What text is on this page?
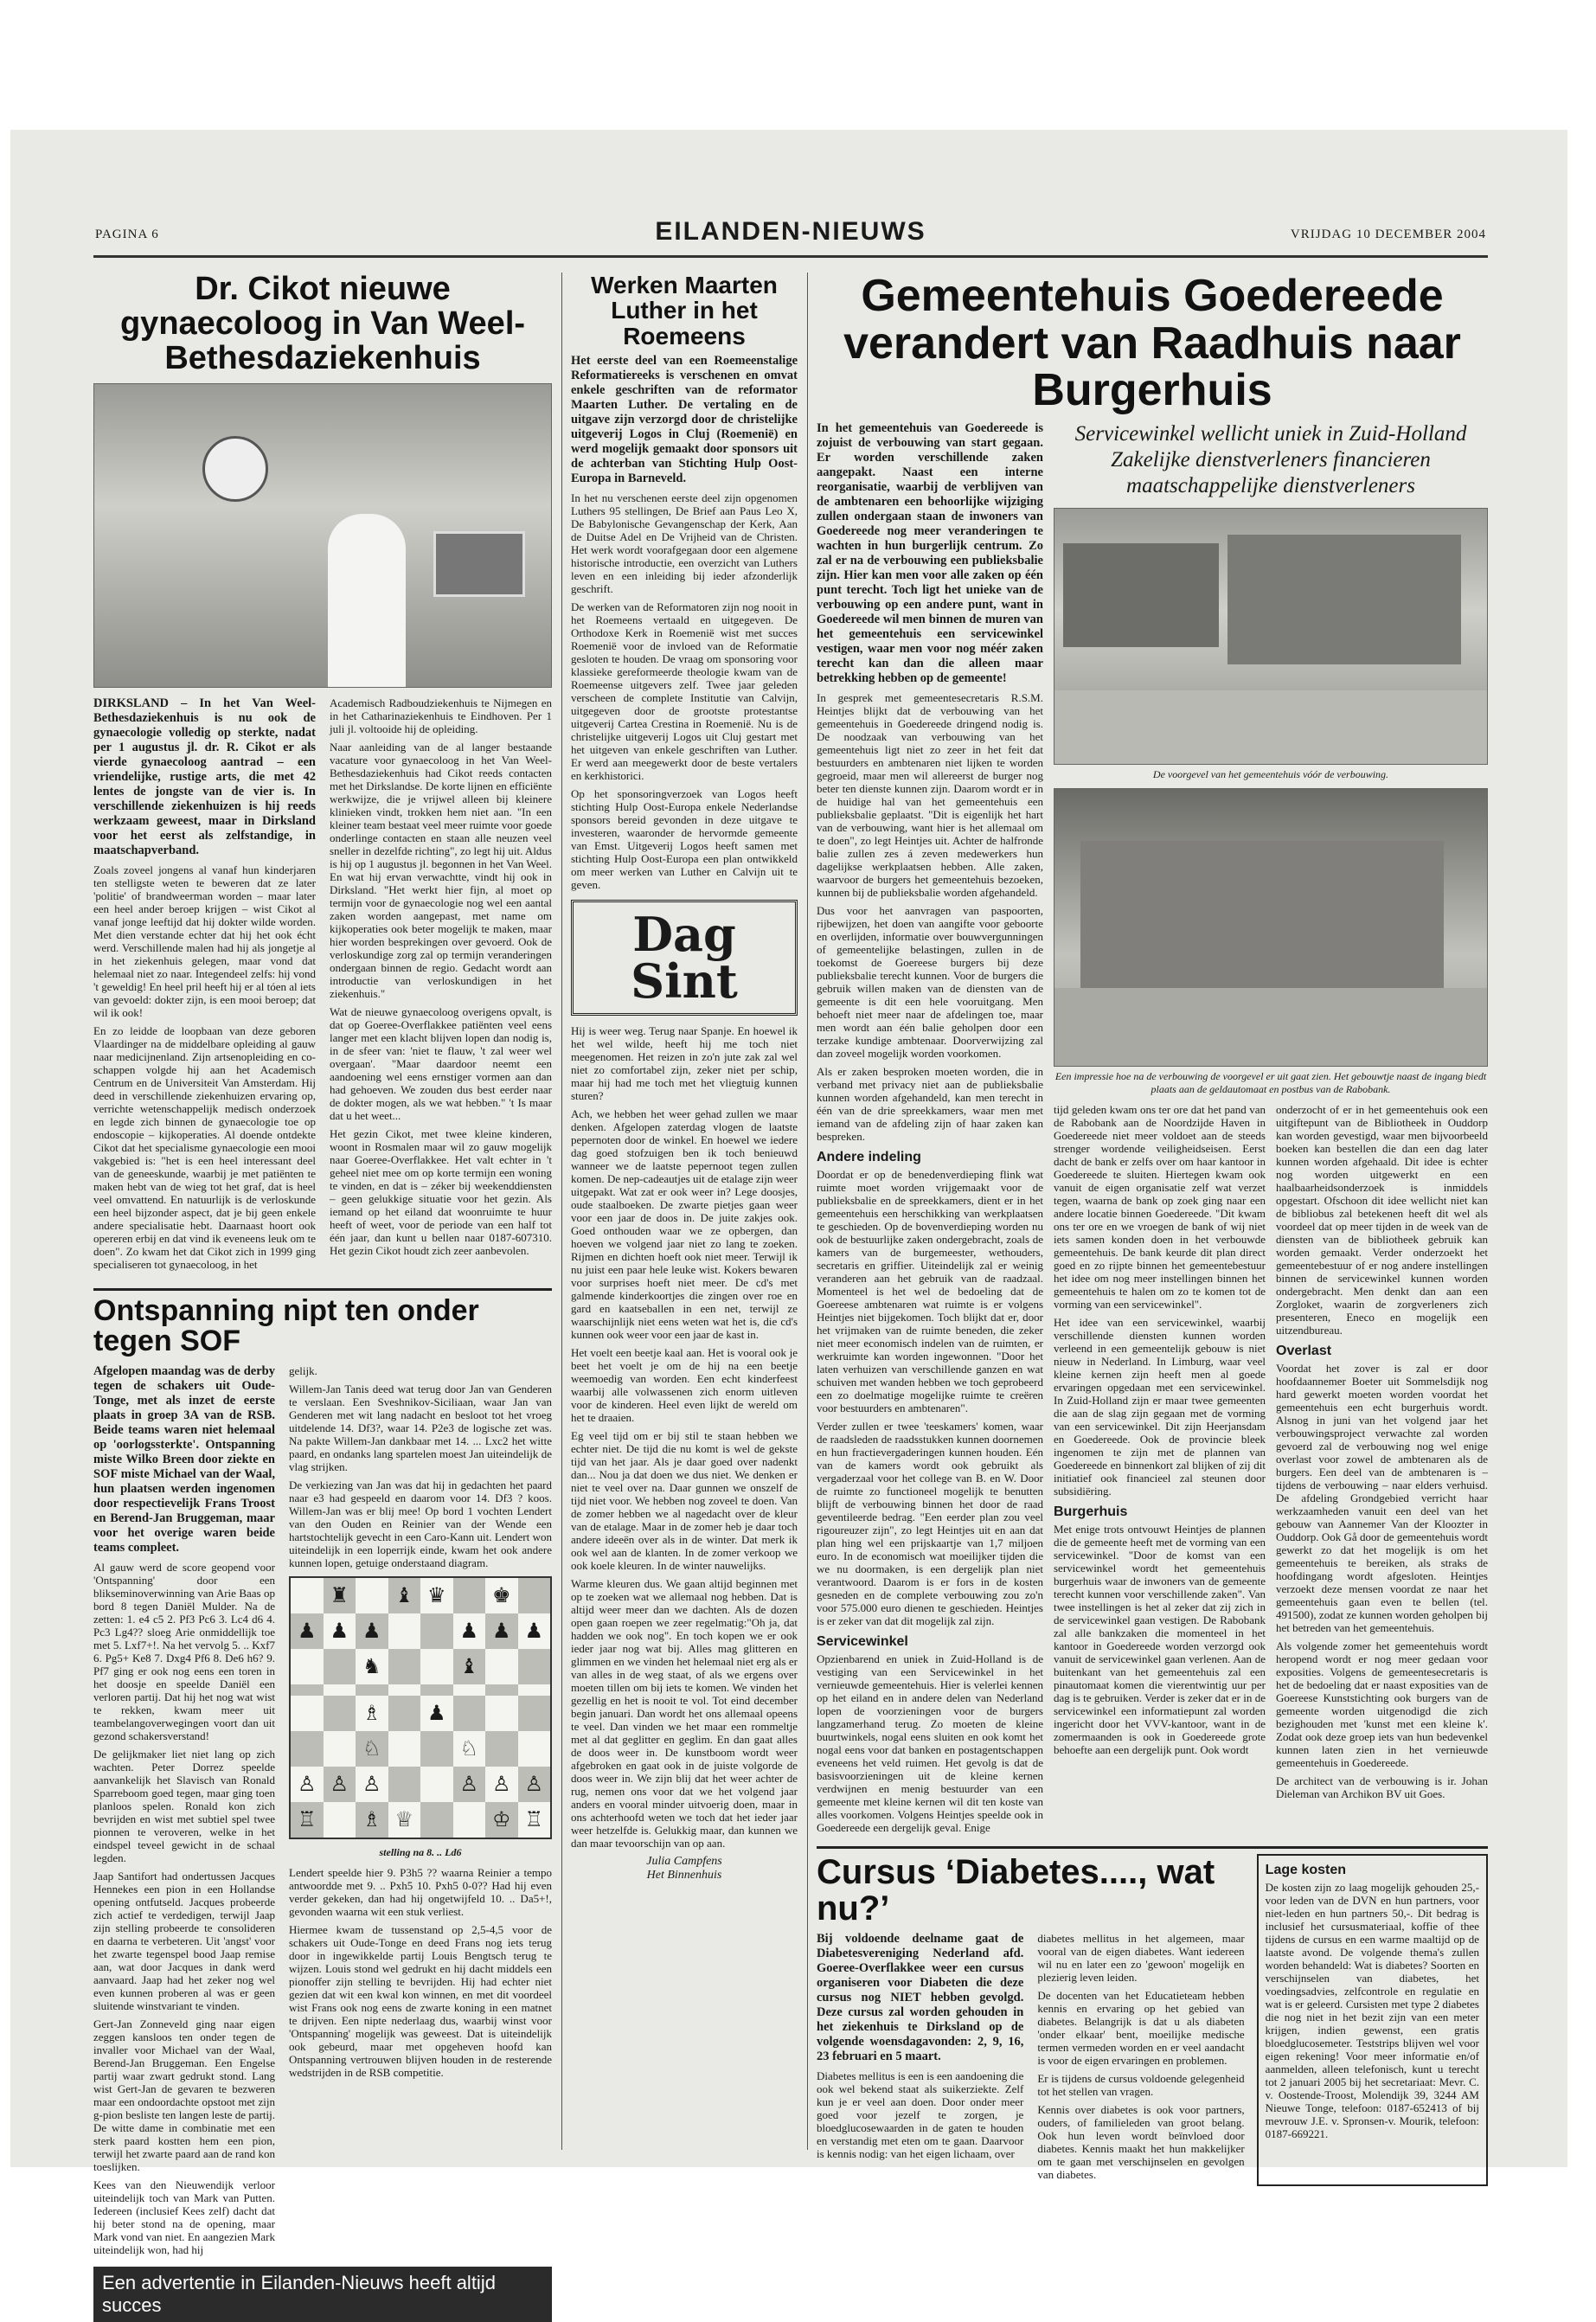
PAGINA 6	EILANDEN-NIEUWS	VRIJDAG 10 DECEMBER 2004
Dr. Cikot nieuwe gynaecoloog in Van Weel-Bethesdaziekenhuis

DIRKSLAND – In het Van Weel-Bethesdaziekenhuis is nu ook de gynaecologie volledig op sterkte, nadat per 1 augustus jl. dr. R. Cikot er als vierde gynaecoloog aantrad – een vriendelijke, rustige arts, die met 42 lentes de jongste van de vier is. In verschillende ziekenhuizen is hij reeds werkzaam geweest, maar in Dirksland voor het eerst als zelfstandige, in maatschapverband.

Zoals zoveel jongens al vanaf hun kinderjaren ten stelligste weten te beweren dat ze later 'politie' of brandweerman worden – maar later een heel ander beroep krijgen – wist Cikot al vanaf jonge leeftijd dat hij dokter wilde worden. Met dien verstande echter dat hij het ook écht werd. Verschillende malen had hij als jongetje al in het ziekenhuis gelegen, maar vond dat helemaal niet zo naar. Integendeel zelfs: hij vond 't geweldig! En heel pril heeft hij er al tóen al iets van gevoeld: dokter zijn, is een mooi beroep; dat wil ik ook!

En zo leidde de loopbaan van deze geboren Vlaardinger na de middelbare opleiding al gauw naar medicijnenland. Zijn artsenopleiding en co-schappen volgde hij aan het Academisch Centrum en de Universiteit Van Amsterdam. Hij deed in verschillende ziekenhuizen ervaring op, verrichte wetenschappelijk medisch onderzoek en legde zich binnen de gynaecologie toe op endoscopie – kijkoperaties. Al doende ontdekte Cikot dat het specialisme gynaecologie een mooi vakgebied is: "het is een heel interessant deel van de geneeskunde, waarbij je met patiënten te maken hebt van de wieg tot het graf, dat is heel veel omvattend. En natuurlijk is de verloskunde een heel bijzonder aspect, dat je bij geen enkele andere specialisatie hebt. Daarnaast hoort ook opereren erbij en dat vind ik eveneens leuk om te doen". Zo kwam het dat Cikot zich in 1999 ging specialiseren tot gynaecoloog, in het

Academisch Radboudziekenhuis te Nijmegen en in het Catharinaziekenhuis te Eindhoven. Per 1 juli jl. voltooide hij de opleiding.

Naar aanleiding van de al langer bestaande vacature voor gynaecoloog in het Van Weel-Bethesdaziekenhuis had Cikot reeds contacten met het Dirkslandse. De korte lijnen en efficiënte werkwijze, die je vrijwel alleen bij kleinere klinieken vindt, trokken hem niet aan. "In een kleiner team bestaat veel meer ruimte voor goede onderlinge contacten en staan alle neuzen veel sneller in dezelfde richting", zo legt hij uit. Aldus is hij op 1 augustus jl. begonnen in het Van Weel. En wat hij ervan verwachtte, vindt hij ook in Dirksland. "Het werkt hier fijn, al moet op termijn voor de gynaecologie nog wel een aantal zaken worden aangepast, met name om kijkoperaties ook beter mogelijk te maken, maar hier worden besprekingen over gevoerd. Ook de verloskundige zorg zal op termijn veranderingen ondergaan binnen de regio. Gedacht wordt aan introductie van verloskundigen in het ziekenhuis."

Wat de nieuwe gynaecoloog overigens opvalt, is dat op Goeree-Overflakkee patiënten veel eens langer met een klacht blijven lopen dan nodig is, in de sfeer van: 'niet te flauw, 't zal weer wel overgaan'. "Maar daardoor neemt een aandoening wel eens ernstiger vormen aan dan had gehoeven. We zouden dus best eerder naar de dokter mogen, als we wat hebben." 't Is maar dat u het weet...

Het gezin Cikot, met twee kleine kinderen, woont in Rosmalen maar wil zo gauw mogelijk naar Goeree-Overflakkee. Het valt echter in 't geheel niet mee om op korte termijn een woning te vinden, en dat is – zéker bij weekenddiensten – geen gelukkige situatie voor het gezin. Als iemand op het eiland dat woonruimte te huur heeft of weet, voor de periode van een half tot één jaar, dan kunt u bellen naar 0187-607310. Het gezin Cikot houdt zich zeer aanbevolen.

Ontspanning nipt ten onder tegen SOF

Afgelopen maandag was de derby tegen de schakers uit Oude-Tonge, met als inzet de eerste plaats in groep 3A van de RSB. Beide teams waren niet helemaal op 'oorlogssterkte'. Ontspanning miste Wilko Breen door ziekte en SOF miste Michael van der Waal, hun plaatsen werden ingenomen door respectievelijk Frans Troost en Berend-Jan Bruggeman, maar voor het overige waren beide teams compleet.

Al gauw werd de score geopend voor 'Ontspanning' door een blikseminoverwinning van Arie Baas op bord 8 tegen Daniël Mulder. Na de zetten: 1. e4 c5 2. Pf3 Pc6 3. Lc4 d6 4. Pc3 Lg4?? sloeg Arie onmiddellijk toe met 5. Lxf7+!. Na het vervolg 5. .. Kxf7 6. Pg5+ Ke8 7. Dxg4 Pf6 8. De6 h6? 9. Pf7 ging er ook nog eens een toren in het doosje en speelde Daniël een verloren partij. Dat hij het nog wat wist te rekken, kwam meer uit teambelangoverwegingen voort dan uit gezond schakersverstand!

De gelijkmaker liet niet lang op zich wachten. Peter Dorrez speelde aanvankelijk het Slavisch van Ronald Sparreboom goed tegen, maar ging toen planloos spelen. Ronald kon zich bevrijden en wist met subtiel spel twee pionnen te veroveren, welke in het eindspel teveel gewicht in de schaal legden.

Jaap Santifort had ondertussen Jacques Hennekes een pion in een Hollandse opening ontfutseld. Jacques probeerde zich actief te verdedigen, terwijl Jaap zijn stelling probeerde te consolideren en daarna te verbeteren. Uit 'angst' voor het zwarte tegenspel bood Jaap remise aan, wat door Jacques in dank werd aanvaard. Jaap had het zeker nog wel even kunnen proberen al was er geen sluitende winstvariant te vinden.

Gert-Jan Zonneveld ging naar eigen zeggen kansloos ten onder tegen de invaller voor Michael van der Waal, Berend-Jan Bruggeman. Een Engelse partij waar zwart gedrukt stond. Lang wist Gert-Jan de gevaren te bezweren maar een ondoordachte opstoot met zijn g-pion besliste ten langen leste de partij. De witte dame in combinatie met een sterk paard kostten hem een pion, terwijl het zwarte paard aan de rand kon toeslijken.

Kees van den Nieuwendijk verloor uiteindelijk toch van Mark van Putten. Iedereen (inclusief Kees zelf) dacht dat hij beter stond na de opening, maar Mark vond van niet. En aangezien Mark uiteindelijk won, had hij

gelijk.

Willem-Jan Tanis deed wat terug door Jan van Genderen te verslaan. Een Sveshnikov-Siciliaan, waar Jan van Genderen met wit lang nadacht en besloot tot het vroeg uitdelende 14. Df3?, waar 14. P2e3 de logische zet was. Na pakte Willem-Jan dankbaar met 14. ... Lxc2 het witte paard, en ondanks lang spartelen moest Jan uiteindelijk de vlag strijken.

De verkiezing van Jan was dat hij in gedachten het paard naar e3 had gespeeld en daarom voor 14. Df3 ? koos. Willem-Jan was er blij mee! Op bord 1 vochten Lendert van den Ouden en Reinier van der Wende een hartstochtelijk gevecht in een Caro-Kann uit. Lendert won uiteindelijk in een loperrijk einde, kwam het ook andere kunnen lopen, getuige onderstaand diagram.

♜	♝ ♛	♚
♟ ♟ ♟	♟ ♟ ♟
♞	♝
♗	♟
♘	♘
♙ ♙ ♙	♙ ♙ ♙
♖	♗ ♕	♔ ♖
stelling na 8. .. Ld6

Lendert speelde hier 9. P3h5 ?? waarna Reinier a tempo antwoordde met 9. .. Pxh5 10. Pxh5 0-0?? Had hij even verder gekeken, dan had hij ongetwijfeld 10. .. Da5+!, gevonden waarna wit een stuk verliest.

Hiermee kwam de tussenstand op 2,5-4,5 voor de schakers uit Oude-Tonge en deed Frans nog iets terug door in ingewikkelde partij Louis Bengtsch terug te wijzen. Louis stond wel gedrukt en hij dacht middels een pionoffer zijn stelling te bevrijden. Hij had echter niet gezien dat wit een kwal kon winnen, en met dit voordeel wist Frans ook nog eens de zwarte koning in een matnet te drijven. Een nipte nederlaag dus, waarbij winst voor 'Ontspanning' mogelijk was geweest. Dat is uiteindelijk ook gebeurd, maar met opgeheven hoofd kan Ontspanning vertrouwen blijven houden in de resterende wedstrijden in de RSB competitie.

Een advertentie in Eilanden-Nieuws heeft altijd succes
Werken Maarten Luther in het Roemeens

Het eerste deel van een Roemeenstalige Reformatiereeks is verschenen en omvat enkele geschriften van de reformator Maarten Luther. De vertaling en de uitgave zijn verzorgd door de christelijke uitgeverij Logos in Cluj (Roemenië) en werd mogelijk gemaakt door sponsors uit de achterban van Stichting Hulp Oost-Europa in Barneveld.

In het nu verschenen eerste deel zijn opgenomen Luthers 95 stellingen, De Brief aan Paus Leo X, De Babylonische Gevangenschap der Kerk, Aan de Duitse Adel en De Vrijheid van de Christen. Het werk wordt voorafgegaan door een algemene historische introductie, een overzicht van Luthers leven en een inleiding bij ieder afzonderlijk geschrift.

De werken van de Reformatoren zijn nog nooit in het Roemeens vertaald en uitgegeven. De Orthodoxe Kerk in Roemenië wist met succes Roemenië voor de invloed van de Reformatie gesloten te houden. De vraag om sponsoring voor klassieke gereformeerde theologie kwam van de Roemeense uitgevers zelf. Twee jaar geleden verscheen de complete Institutie van Calvijn, uitgegeven door de grootste protestantse uitgeverij Cartea Crestina in Roemenië. Nu is de christelijke uitgeverij Logos uit Cluj gestart met het uitgeven van enkele geschriften van Luther. Er werd aan meegewerkt door de beste vertalers en kerkhistorici.

Op het sponsoringverzoek van Logos heeft stichting Hulp Oost-Europa enkele Nederlandse sponsors bereid gevonden in deze uitgave te investeren, waaronder de hervormde gemeente van Emst. Uitgeverij Logos heeft samen met stichting Hulp Oost-Europa een plan ontwikkeld om meer werken van Luther en Calvijn uit te geven.

Dag
Sint

Hij is weer weg. Terug naar Spanje. En hoewel ik het wel wilde, heeft hij me toch niet meegenomen. Het reizen in zo'n jute zak zal wel niet zo comfortabel zijn, zeker niet per schip, maar hij had me toch met het vliegtuig kunnen sturen?

Ach, we hebben het weer gehad zullen we maar denken. Afgelopen zaterdag vlogen de laatste pepernoten door de winkel. En hoewel we iedere dag goed stofzuigen ben ik toch benieuwd wanneer we de laatste pepernoot tegen zullen komen. De nep-cadeautjes uit de etalage zijn weer uitgepakt. Wat zat er ook weer in? Lege doosjes, oude staalboeken. De zwarte pietjes gaan weer voor een jaar de doos in. De juite zakjes ook. Goed onthouden waar we ze opbergen, dan hoeven we volgend jaar niet zo lang te zoeken. Rijmen en dichten hoeft ook niet meer. Terwijl ik nu juist een paar hele leuke wist. Kokers bewaren voor surprises hoeft niet meer. De cd's met galmende kinderkoortjes die zingen over roe en gard en kaatseballen in een net, terwijl ze waarschijnlijk niet eens weten wat het is, die cd's kunnen ook weer voor een jaar de kast in.

Het voelt een beetje kaal aan. Het is vooral ook je beet het voelt je om de hij na een beetje weemoedig van worden. Een echt kinderfeest waarbij alle volwassenen zich enorm uitleven voor de kinderen. Heel even lijkt de wereld om het te draaien.

Eg veel tijd om er bij stil te staan hebben we echter niet. De tijd die nu komt is wel de gekste tijd van het jaar. Als je daar goed over nadenkt dan... Nou ja dat doen we dus niet. We denken er niet te veel over na. Daar gunnen we onszelf de tijd niet voor. We hebben nog zoveel te doen. Van de zomer hebben we al nagedacht over de kleur van de etalage. Maar in de zomer heb je daar toch andere ideeën over als in de winter. Dat merk ik ook wel aan de klanten. In de zomer verkoop we ook koele kleuren. In de winter nauwelijks.

Warme kleuren dus. We gaan altijd beginnen met op te zoeken wat we allemaal nog hebben. Dat is altijd weer meer dan we dachten. Als de dozen open gaan roepen we zeer regelmatig:"Oh ja, dat hadden we ook nog". En toch kopen we er ook ieder jaar nog wat bij. Alles mag glitteren en glimmen en we vinden het helemaal niet erg als er van alles in de weg staat, of als we ergens over moeten tillen om bij iets te komen. We vinden het gezellig en het is nooit te vol. Tot eind december begin januari. Dan wordt het ons allemaal opeens te veel. Dan vinden we het maar een rommeltje met al dat geglitter en geglim. En dan gaat alles de doos weer in. De kunstboom wordt weer afgebroken en gaat ook in de juiste volgorde de doos weer in. We zijn blij dat het weer achter de rug, nemen ons voor dat we het volgend jaar anders en vooral minder uitvoerig doen, maar in ons achterhoofd weten we toch dat het ieder jaar weer hetzelfde is. Gelukkig maar, dan kunnen we dan maar tevoorschijn van op aan.

Julia Campfens
Het Binnenhuis
Gemeentehuis Goedereede verandert van Raadhuis naar Burgerhuis

In het gemeentehuis van Goedereede is zojuist de verbouwing van start gegaan. Er worden verschillende zaken aangepakt. Naast een interne reorganisatie, waarbij de verblijven van de ambtenaren een behoorlijke wijziging zullen ondergaan staan de inwoners van Goedereede nog meer veranderingen te wachten in hun burgerlijk centrum. Zo zal er na de verbouwing een publieksbalie zijn. Hier kan men voor alle zaken op één punt terecht. Toch ligt het unieke van de verbouwing op een andere punt, want in Goedereede wil men binnen de muren van het gemeentehuis een servicewinkel vestigen, waar men voor nog méér zaken terecht kan dan die alleen maar betrekking hebben op de gemeente!

In gesprek met gemeentesecretaris R.S.M. Heintjes blijkt dat de verbouwing van het gemeentehuis in Goedereede dringend nodig is. De noodzaak van verbouwing van het gemeentehuis ligt niet zo zeer in het feit dat bestuurders en ambtenaren niet lijken te worden gegroeid, maar men wil allereerst de burger nog beter ten dienste kunnen zijn. Daarom wordt er in de huidige hal van het gemeentehuis een publieksbalie geplaatst. "Dit is eigenlijk het hart van de verbouwing, want hier is het allemaal om te doen", zo legt Heintjes uit. Achter de halfronde balie zullen zes á zeven medewerkers hun dagelijkse werkplaatsen hebben. Alle zaken, waarvoor de burgers het gemeentehuis bezoeken, kunnen bij de publieksbalie worden afgehandeld.

Dus voor het aanvragen van paspoorten, rijbewijzen, het doen van aangifte voor geboorte en overlijden, informatie over bouwvergunningen of gemeentelijke belastingen, zullen in de toekomst de Goereese burgers bij deze publieksbalie terecht kunnen. Voor de burgers die gebruik willen maken van de diensten van de gemeente is dit een hele vooruitgang. Men behoeft niet meer naar de afdelingen toe, maar men wordt aan één balie geholpen door een terzake kundige ambtenaar. Doorverwijzing zal dan zoveel mogelijk worden voorkomen.

Als er zaken besproken moeten worden, die in verband met privacy niet aan de publieksbalie kunnen worden afgehandeld, kan men terecht in één van de drie spreekkamers, waar men met iemand van de afdeling zijn of haar zaken kan bespreken.

Andere indeling

Doordat er op de benedenverdieping flink wat ruimte moet worden vrijgemaakt voor de publieksbalie en de spreekkamers, dient er in het gemeentehuis een herschikking van werkplaatsen te geschieden. Op de bovenverdieping worden nu ook de bestuurlijke zaken ondergebracht, zoals de kamers van de burgemeester, wethouders, secretaris en griffier. Uiteindelijk zal er weinig veranderen aan het gebruik van de raadzaal. Momenteel is het wel de bedoeling dat de Goereese ambtenaren wat ruimte is er volgens Heintjes niet bijgekomen. Toch blijkt dat er, door het vrijmaken van de ruimte beneden, die zeker niet meer economisch indelen van de ruimten, er werkruimte kan worden ingewonnen. "Door het laten verhuizen van verschillende ganzen en wat schuiven met wanden hebben we toch geprobeerd een zo doelmatige mogelijke ruimte te creëren voor bestuurders en ambtenaren".

Verder zullen er twee 'teeskamers' komen, waar de raadsleden de raadsstukken kunnen doornemen en hun fractievergaderingen kunnen houden. Eén van de kamers wordt ook gebruikt als vergaderzaal voor het college van B. en W. Door de ruimte zo functioneel mogelijk te benutten blijft de verbouwing binnen het door de raad geventileerde bedrag. "Een eerder plan zou veel rigoureuzer zijn", zo legt Heintjes uit en aan dat plan hing wel een prijskaartje van 1,7 miljoen euro. In de economisch wat moeilijker tijden die we nu doormaken, is een dergelijk plan niet verantwoord. Daarom is er fors in de kosten gesneden en de complete verbouwing zou zo'n voor 575.000 euro dienen te geschieden. Heintjes is er zeker van dat dit mogelijk zal zijn.

Servicewinkel

Opzienbarend en uniek in Zuid-Holland is de vestiging van een Servicewinkel in het vernieuwde gemeentehuis. Hier is velerlei kennen op het eiland en in andere delen van Nederland lopen de voorzieningen voor de burgers langzamerhand terug. Zo moeten de kleine buurtwinkels, nogal eens sluiten en ook komt het nogal eens voor dat banken en postagentschappen eveneens het veld ruimen. Het gevolg is dat de basisvoorzieningen uit de kleine kernen verdwijnen en menig bestuurder van een gemeente met kleine kernen wil dit ten koste van alles voorkomen. Volgens Heintjes speelde ook in Goedereede een dergelijk geval. Enige

Servicewinkel wellicht uniek in Zuid-Holland
Zakelijke dienstverleners financieren maatschappelijke dienstverleners
De voorgevel van het gemeentehuis vóór de verbouwing.
Een impressie hoe na de verbouwing de voorgevel er uit gaat zien. Het gebouwtje naast de ingang biedt plaats aan de geldautomaat en postbus van de Rabobank.

tijd geleden kwam ons ter ore dat het pand van de Rabobank aan de Noordzijde Haven in Goedereede niet meer voldoet aan de steeds strenger wordende veiligheidseisen. Eerst dacht de bank er zelfs over om haar kantoor in Goedereede te sluiten. Hiertegen kwam ook vanuit de eigen organisatie zelf wat verzet tegen, waarna de bank op zoek ging naar een andere locatie binnen Goedereede. "Dit kwam ons ter ore en we vroegen de bank of wij niet iets samen konden doen in het verbouwde gemeentehuis. De bank keurde dit plan direct goed en zo rijpte binnen het gemeentebestuur het idee om nog meer instellingen binnen het gemeentehuis te halen om zo te komen tot de vorming van een servicewinkel".

Het idee van een servicewinkel, waarbij verschillende diensten kunnen worden verleend in een gemeentelijk gebouw is niet nieuw in Nederland. In Limburg, waar veel kleine kernen zijn heeft men al goede ervaringen opgedaan met een servicewinkel. In Zuid-Holland zijn er maar twee gemeenten die aan de slag zijn gegaan met de vorming van een servicewinkel. Dit zijn Heerjansdam en Goedereede. Ook de provincie bleek ingenomen te zijn met de plannen van Goedereede en binnenkort zal blijken of zij dit initiatief ook financieel zal steunen door subsidiëring.

Burgerhuis

Met enige trots ontvouwt Heintjes de plannen die de gemeente heeft met de vorming van een servicewinkel. "Door de komst van een servicewinkel wordt het gemeentehuis burgerhuis waar de inwoners van de gemeente terecht kunnen voor verschillende zaken". Van twee instellingen is het al zeker dat zij zich in de servicewinkel gaan vestigen. De Rabobank zal alle bankzaken die momenteel in het kantoor in Goedereede worden verzorgd ook vanuit de servicewinkel gaan verlenen. Aan de buitenkant van het gemeentehuis zal een pinautomaat komen die vierentwintig uur per dag is te gebruiken. Verder is zeker dat er in de servicewinkel een informatiepunt zal worden ingericht door het VVV-kantoor, want in de zomermaanden is ook in Goedereede grote behoefte aan een dergelijk punt. Ook wordt

onderzocht of er in het gemeentehuis ook een uitgiftepunt van de Bibliotheek in Ouddorp kan worden gevestigd, waar men bijvoorbeeld boeken kan bestellen die dan een dag later kunnen worden afgehaald. Dit idee is echter nog worden uitgewerkt en een haalbaarheidsonderzoek is inmiddels opgestart. Ofschoon dit idee wellicht niet kan de bibliobus zal betekenen heeft dit wel als voordeel dat op meer tijden in de week van de diensten van de bibliotheek gebruik kan worden gemaakt. Verder onderzoekt het gemeentebestuur of er nog andere instellingen binnen de servicewinkel kunnen worden ondergebracht. Men denkt dan aan een Zorgloket, waarin de zorgverleners zich presenteren, Eneco en mogelijk een uitzendbureau.

Overlast

Voordat het zover is zal er door hoofdaannemer Boeter uit Sommelsdijk nog hard gewerkt moeten worden voordat het gemeentehuis een echt burgerhuis wordt. Alsnog in juni van het volgend jaar het verbouwingsproject verwachte zal worden gevoerd zal de verbouwing nog wel enige overlast voor zowel de ambtenaren als de burgers. Een deel van de ambtenaren is – tijdens de verbouwing – naar elders verhuisd. De afdeling Grondgebied verricht haar werkzaamheden vanuit een deel van het gebouw van Aannemer Van der Kloozter in Ouddorp. Ook Gå door de gemeentehuis wordt gewerkt zo dat het mogelijk is om het gemeentehuis te bereiken, als straks de hoofdingang wordt afgesloten. Heintjes verzoekt deze mensen voordat ze naar het gemeentehuis gaan even te bellen (tel. 491500), zodat ze kunnen worden geholpen bij het betreden van het gemeentehuis.

Als volgende zomer het gemeentehuis wordt heropend wordt er nog meer gedaan voor exposities. Volgens de gemeentesecretaris is het de bedoeling dat er naast exposities van de Goereese Kunststichting ook burgers van de gemeente worden uitgenodigd die zich bezighouden met 'kunst met een kleine k'. Zodat ook deze groep iets van hun bedevenkel kunnen laten zien in het vernieuwde gemeentehuis in Goedereede.

De architect van de verbouwing is ir. Johan Dieleman van Archikon BV uit Goes.

Cursus ‘Diabetes...., wat nu?’

Bij voldoende deelname gaat de Diabetesvereniging Nederland afd. Goeree-Overflakkee weer een cursus organiseren voor Diabeten die deze cursus nog NIET hebben gevolgd. Deze cursus zal worden gehouden in het ziekenhuis te Dirksland op de volgende woensdagavonden: 2, 9, 16, 23 februari en 5 maart.

Diabetes mellitus is een is een aandoening die ook wel bekend staat als suikerziekte. Zelf kun je er veel aan doen. Door onder meer goed voor jezelf te zorgen, je bloedglucosewaarden in de gaten te houden en verstandig met eten om te gaan. Daarvoor is kennis nodig: van het eigen lichaam, over

diabetes mellitus in het algemeen, maar vooral van de eigen diabetes. Want iedereen wil nu en later een zo 'gewoon' mogelijk en plezierig leven leiden.

De docenten van het Educatieteam hebben kennis en ervaring op het gebied van diabetes. Belangrijk is dat u als diabeten 'onder elkaar' bent, moeilijke medische termen vermeden worden en er veel aandacht is voor de eigen ervaringen en problemen.

Er is tijdens de cursus voldoende gelegenheid tot het stellen van vragen.

Kennis over diabetes is ook voor partners, ouders, of familieleden van groot belang. Ook hun leven wordt beïnvloed door diabetes. Kennis maakt het hun makkelijker om te gaan met verschijnselen en gevolgen van diabetes.

Lage kosten

De kosten zijn zo laag mogelijk gehouden 25,- voor leden van de DVN en hun partners, voor niet-leden en hun partners 50,-. Dit bedrag is inclusief het cursusmateriaal, koffie of thee tijdens de cursus en een warme maaltijd op de laatste avond. De volgende thema's zullen worden behandeld: Wat is diabetes? Soorten en verschijnselen van diabetes, het voedingsadvies, zelfcontrole en regulatie en wat is er geleerd. Cursisten met type 2 diabetes die nog niet in het bezit zijn van een meter krijgen, indien gewenst, een gratis bloedglucosemeter. Teststrips blijven wel voor eigen rekening! Voor meer informatie en/of aanmelden, alleen telefonisch, kunt u terecht tot 2 januari 2005 bij het secretariaat: Mevr. C. v. Oostende-Troost, Molendijk 39, 3244 AM Nieuwe Tonge, telefoon: 0187-652413 of bij mevrouw J.E. v. Spronsen-v. Mourik, telefoon: 0187-669221.
